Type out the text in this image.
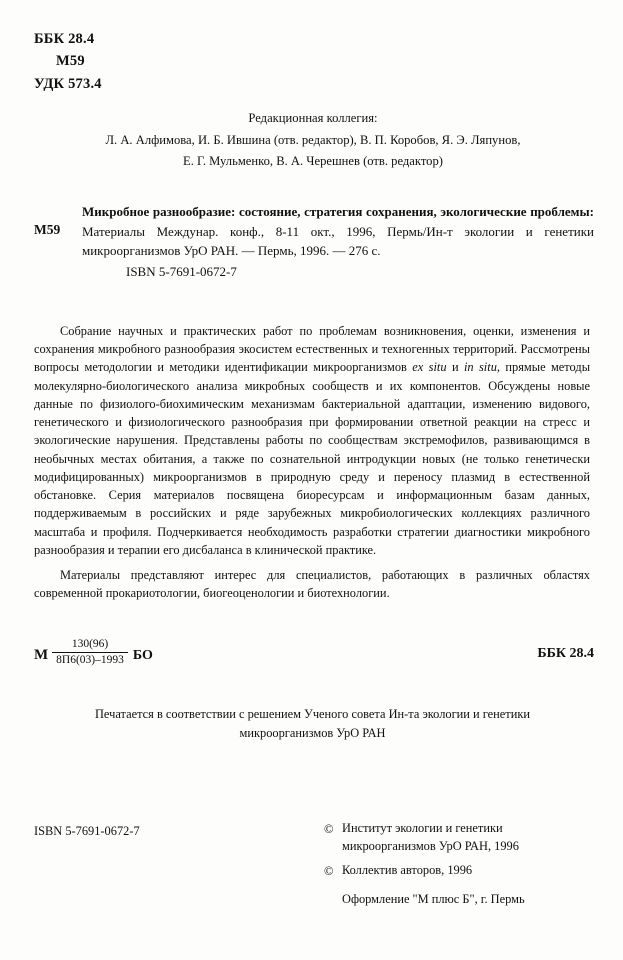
ББК 28.4
М59
УДК 573.4
Редакционная коллегия:
Л. А. Алфимова, И. Б. Ившина (отв. редактор), В. П. Коробов, Я. Э. Ляпунов,
Е. Г. Мульменко, В. А. Черешнев (отв. редактор)
М59
Микробное разнообразие: состояние, стратегия сохранения, экологические проблемы: Материалы Междунар. конф., 8-11 окт., 1996, Пермь/Ин-т экологии и генетики микроорганизмов УрО РАН. — Пермь, 1996. — 276 с.
ISBN 5-7691-0672-7

Собрание научных и практических работ по проблемам возникновения, оценки, изменения и сохранения микробного разнообразия экосистем естественных и техногенных территорий. Рассмотрены вопросы методологии и методики идентификации микроорганизмов ex situ и in situ, прямые методы молекулярно-биологического анализа микробных сообществ и их компонентов. Обсуждены новые данные по физиолого-биохимическим механизмам бактериальной адаптации, изменению видового, генетического и физиологического разнообразия при формировании ответной реакции на стресс и экологические нарушения. Представлены работы по сообществам экстремофилов, развивающимся в необычных местах обитания, а также по сознательной интродукции новых (не только генетически модифицированных) микроорганизмов в природную среду и переносу плазмид в естественной обстановке. Серия материалов посвящена биоресурсам и информационным базам данных, поддерживаемым в российских и ряде зарубежных микробиологических коллекциях различного масштаба и профиля. Подчеркивается необходимость разработки стратегии диагностики микробного разнообразия и терапии его дисбаланса в клинической практике.

Материалы представляют интерес для специалистов, работающих в различных областях современной прокариотологии, биогеоценологии и биотехнологии.

М $\frac{130(96)}{8П6(03)-1993}$ БО	ББК 28.4
Печатается в соответствии с решением Ученого совета Ин-та экологии и генетики
микроорганизмов УрО РАН
ISBN 5-7691-0672-7	© Институт экологии и генетики микроорганизмов УрО РАН, 1996
© Коллектив авторов, 1996
Оформление "М плюс Б", г. Пермь
